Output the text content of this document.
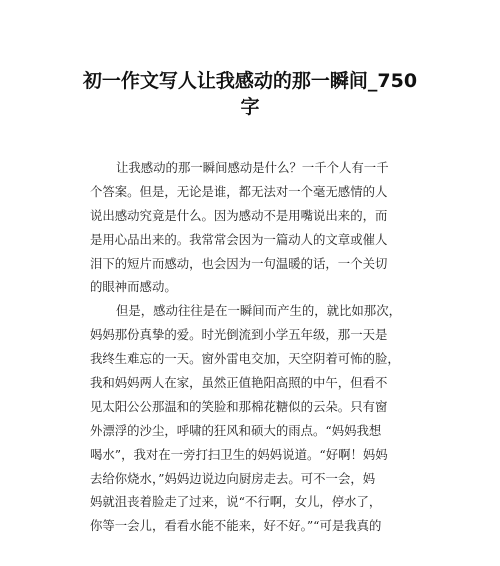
初一作文写人让我感动的那一瞬间_750
字
让我感动的那一瞬间感动是什么？一千个人有一千
个答案。但是，无论是谁，都无法对一个毫无感情的人
说出感动究竟是什么。因为感动不是用嘴说出来的，而
是用心品出来的。我常常会因为一篇动人的文章或催人
泪下的短片而感动，也会因为一句温暖的话，一个关切
的眼神而感动。
但是，感动往往是在一瞬间而产生的，就比如那次，
妈妈那份真挚的爱。时光倒流到小学五年级，那一天是
我终生难忘的一天。窗外雷电交加，天空阴着可怖的脸，
我和妈妈两人在家，虽然正值艳阳高照的中午，但看不
见太阳公公那温和的笑脸和那棉花糖似的云朵。只有窗
外漂浮的沙尘，呼啸的狂风和硕大的雨点。“妈妈我想
喝水”，我对在一旁打扫卫生的妈妈说道。“好啊！妈妈
去给你烧水，”妈妈边说边向厨房走去。可不一会，妈
妈就沮丧着脸走了过来，说“不行啊，女儿，停水了，
你等一会儿，看看水能不能来，好不好。”“可是我真的
